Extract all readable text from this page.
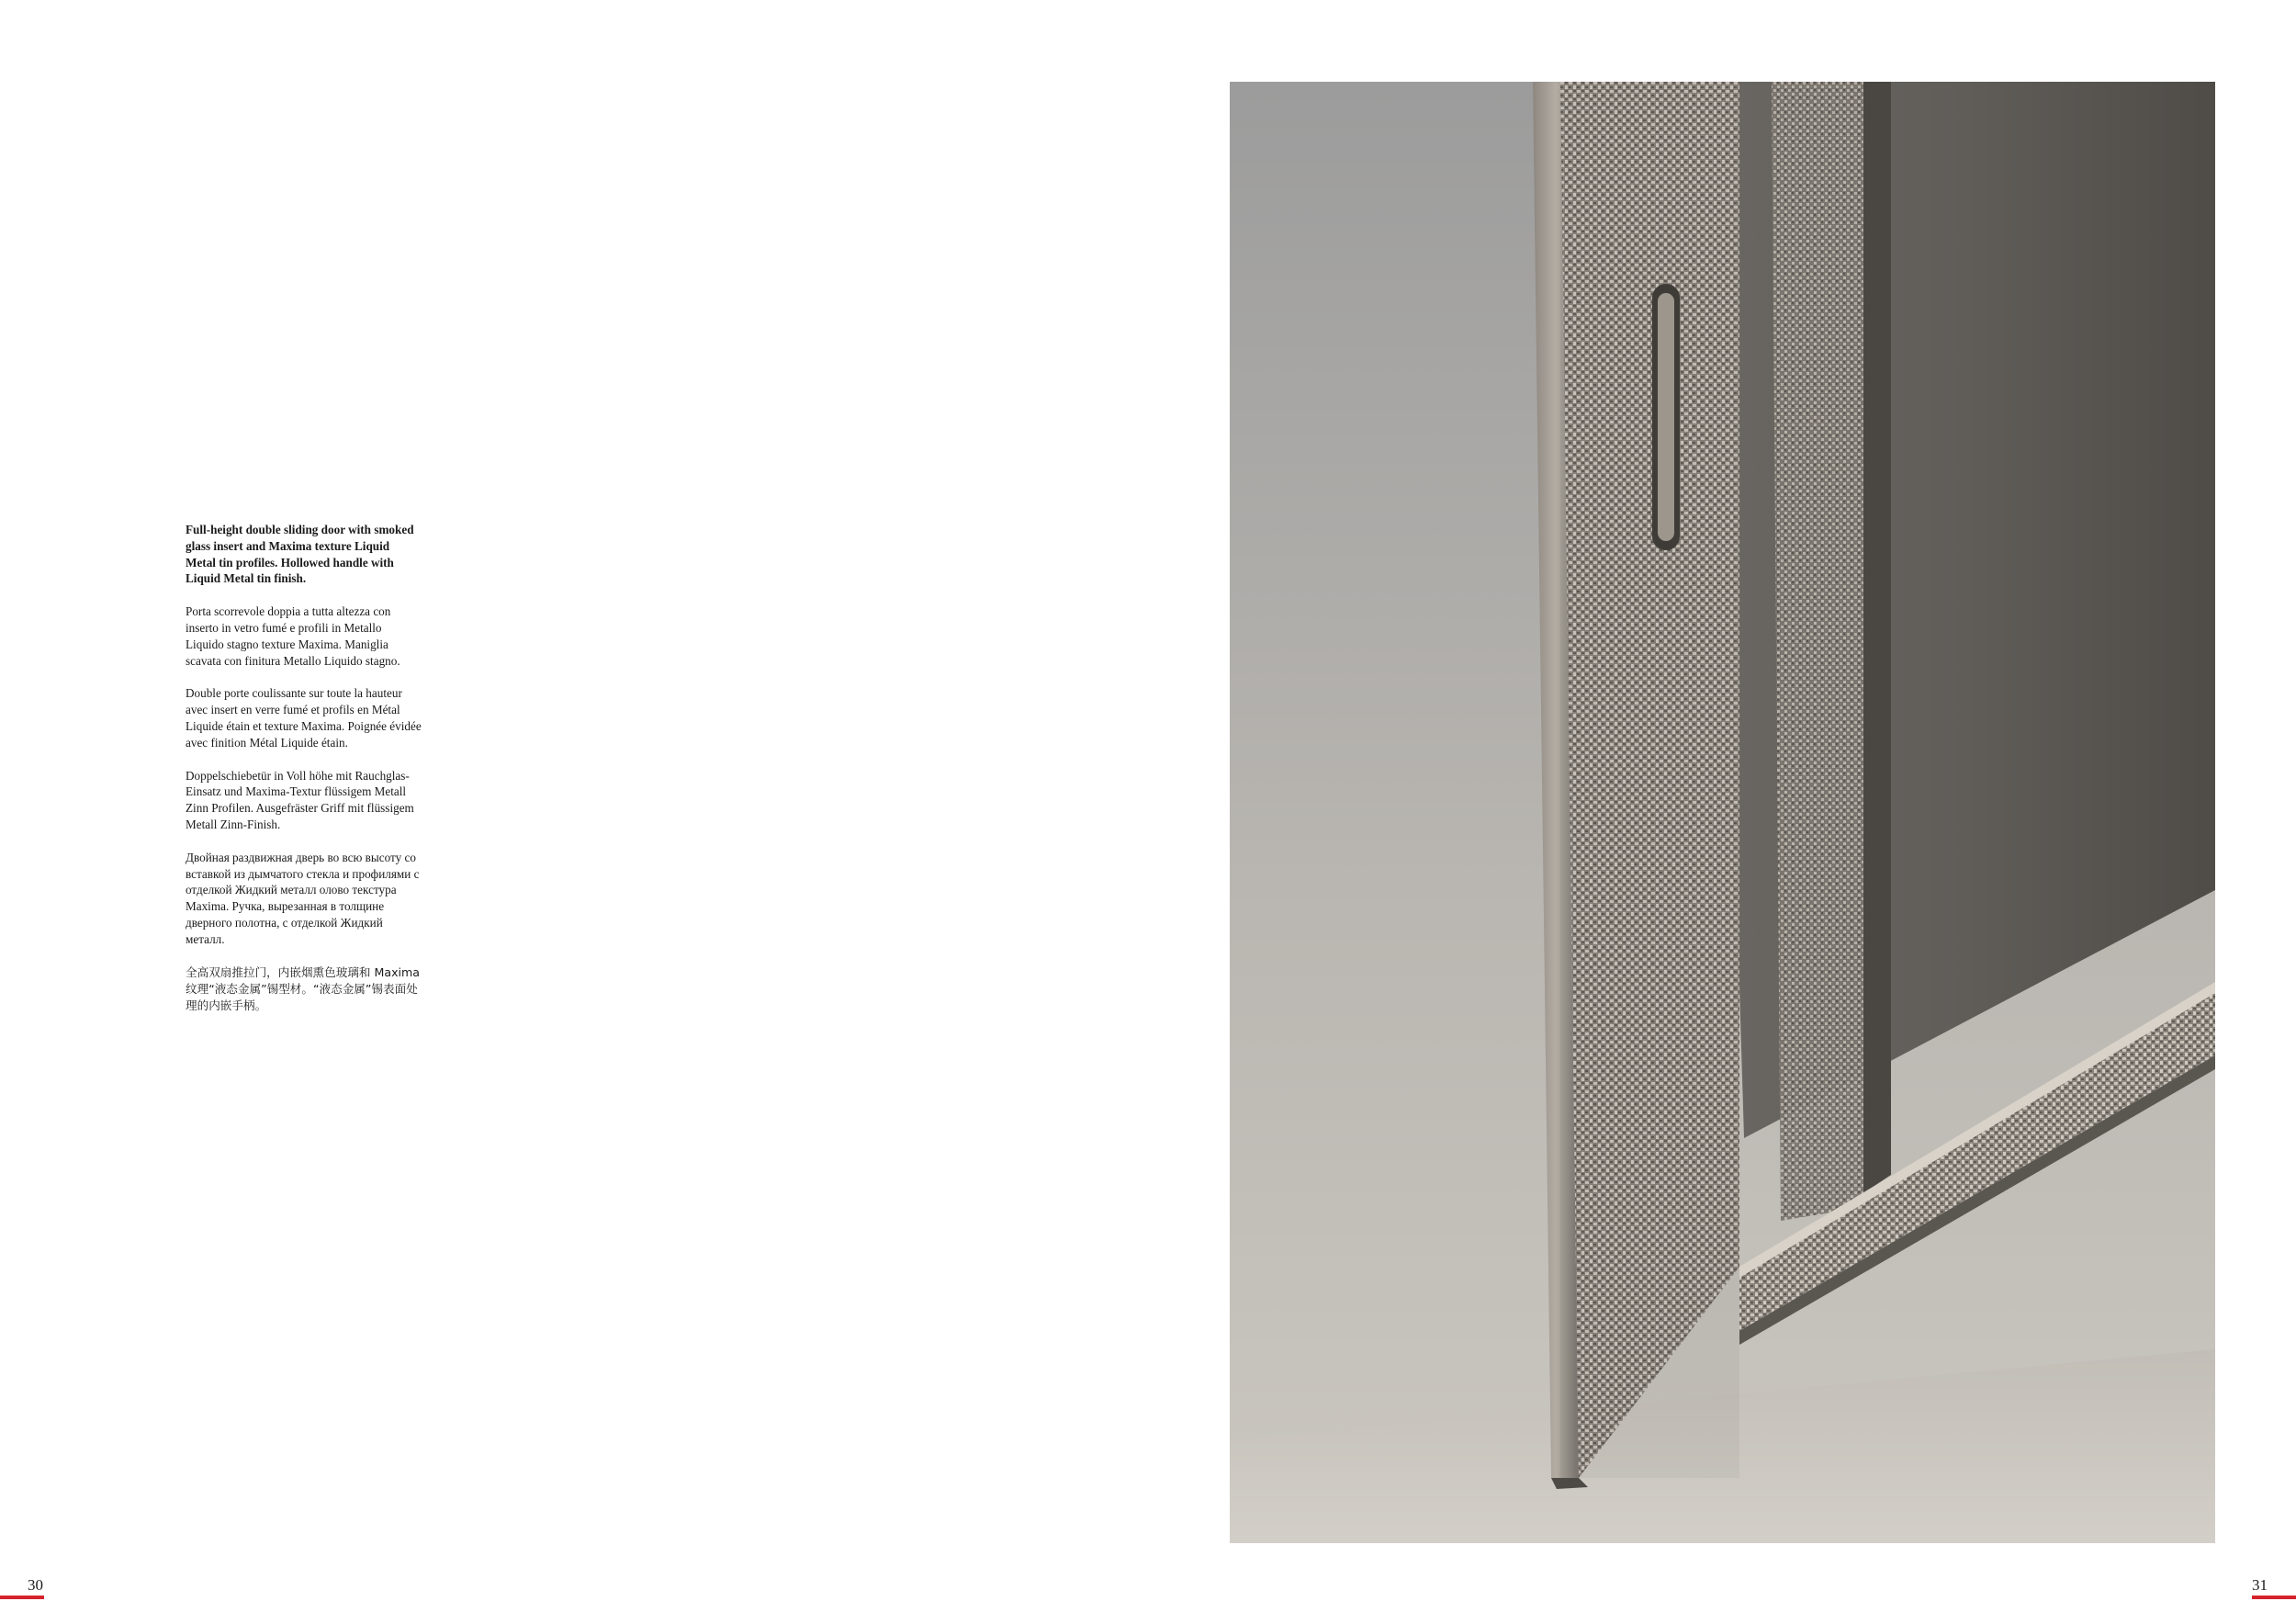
Full-height double sliding door with smoked glass insert and Maxima texture Liquid Metal tin profiles. Hollowed handle with Liquid Metal tin finish.

Porta scorrevole doppia a tutta altezza con inserto in vetro fumé e profili in Metallo Liquido stagno texture Maxima. Maniglia scavata con finitura Metallo Liquido stagno.

Double porte coulissante sur toute la hauteur avec insert en verre fumé et profils en Métal Liquide étain et texture Maxima. Poignée évidée avec finition Métal Liquide étain.

Doppelschiebetür in Voll höhe mit Rauchglas-Einsatz und Maxima-Textur flüssigem Metall Zinn Profilen. Ausgefräster Griff mit flüssigem Metall Zinn-Finish.

Двойная раздвижная дверь во всю высоту со вставкой из дымчатого стекла и профилями с отделкой Жидкий металл олово текстура Maxima. Ручка, вырезанная в толщине дверного полотна, с отделкой Жидкий металл.

全高双扇推拉门，内嵌烟熏色玻璃和 Maxima 纹理“液态金属”锡型材。“液态金属”锡表面处理的内嵌手柄。

30	31
